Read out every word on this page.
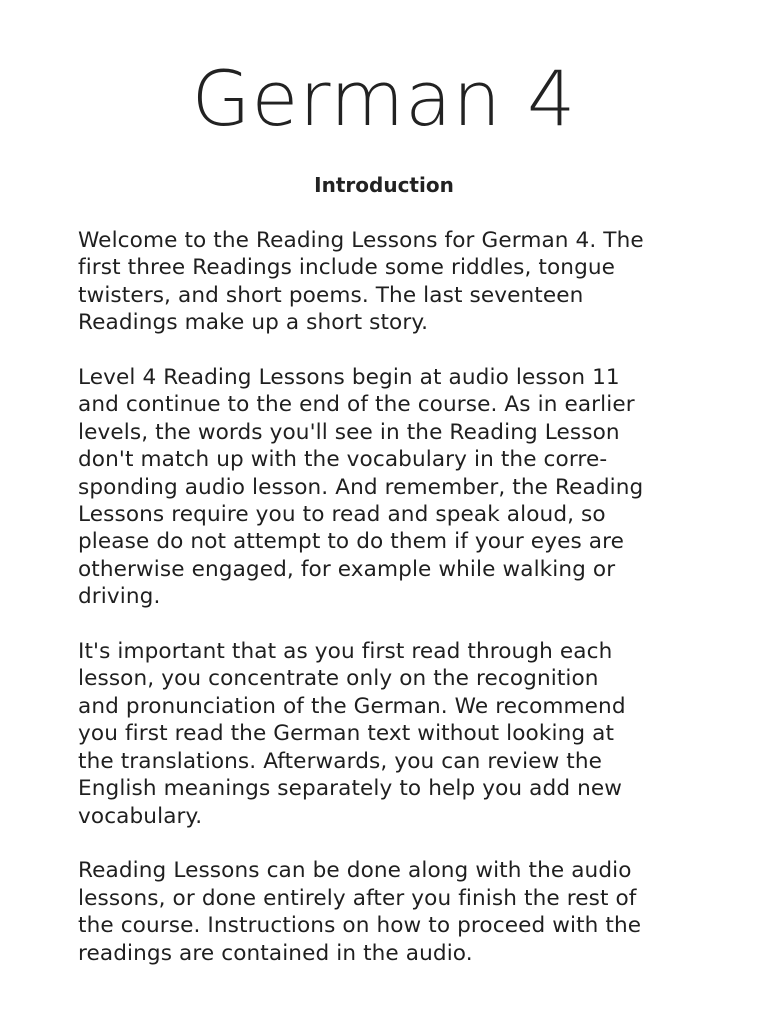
German 4
Introduction

Welcome to the Reading Lessons for German 4. The
first three Readings include some riddles, tongue
twisters, and short poems. The last seventeen
Readings make up a short story.

Level 4 Reading Lessons begin at audio lesson 11
and continue to the end of the course. As in earlier
levels, the words you'll see in the Reading Lesson
don't match up with the vocabulary in the corre-
sponding audio lesson. And remember, the Reading
Lessons require you to read and speak aloud, so
please do not attempt to do them if your eyes are
otherwise engaged, for example while walking or
driving.

It's important that as you first read through each
lesson, you concentrate only on the recognition
and pronunciation of the German. We recommend
you first read the German text without looking at
the translations. Afterwards, you can review the
English meanings separately to help you add new
vocabulary.

Reading Lessons can be done along with the audio
lessons, or done entirely after you finish the rest of
the course. Instructions on how to proceed with the
readings are contained in the audio.
